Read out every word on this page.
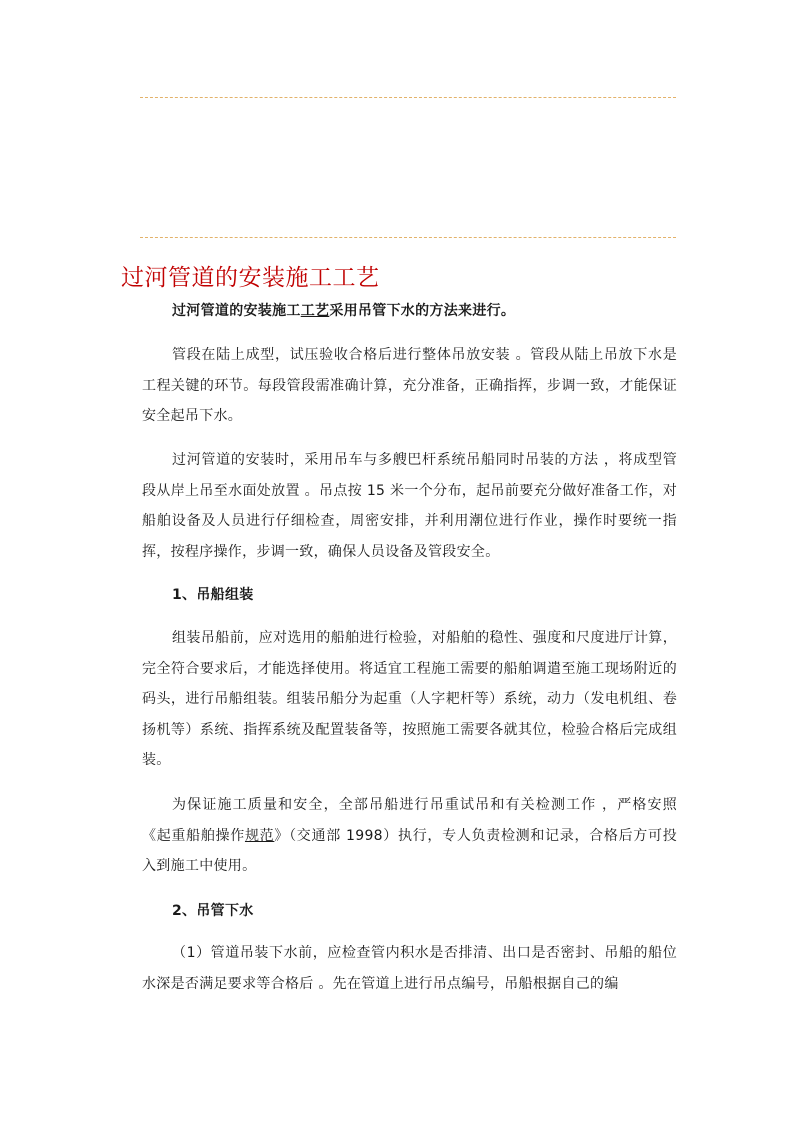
过河管道的安装施工工艺

过河管道的安装施工工艺采用吊管下水的方法来进行。

管段在陆上成型，试压验收合格后进行整体吊放安装 。管段从陆上吊放下水是工程关键的环节。每段管段需准确计算，充分准备，正确指挥，步调一致，才能保证安全起吊下水。

过河管道的安装时，采用吊车与多艘巴杆系统吊船同时吊装的方法 ，将成型管段从岸上吊至水面处放置 。吊点按 15 米一个分布，起吊前要充分做好准备工作，对船舶设备及人员进行仔细检查，周密安排，并利用潮位进行作业，操作时要统一指挥，按程序操作，步调一致，确保人员设备及管段安全。

1、吊船组装

组装吊船前，应对选用的船舶进行检验，对船舶的稳性、强度和尺度进厅计算，完全符合要求后，才能选择使用。将适宜工程施工需要的船舶调遣至施工现场附近的码头，进行吊船组装。组装吊船分为起重（人字耙杆等）系统，动力（发电机组、卷扬机等）系统、指挥系统及配置装备等，按照施工需要各就其位，检验合格后完成组装。

为保证施工质量和安全，全部吊船进行吊重试吊和有关检测工作 ，严格安照《起重船舶操作规范》（交通部 1998）执行，专人负责检测和记录，合格后方可投入到施工中使用。

2、吊管下水

（1）管道吊装下水前，应检查管内积水是否排清、出口是否密封、吊船的船位水深是否满足要求等合格后 。先在管道上进行吊点编号，吊船根据自己的编
